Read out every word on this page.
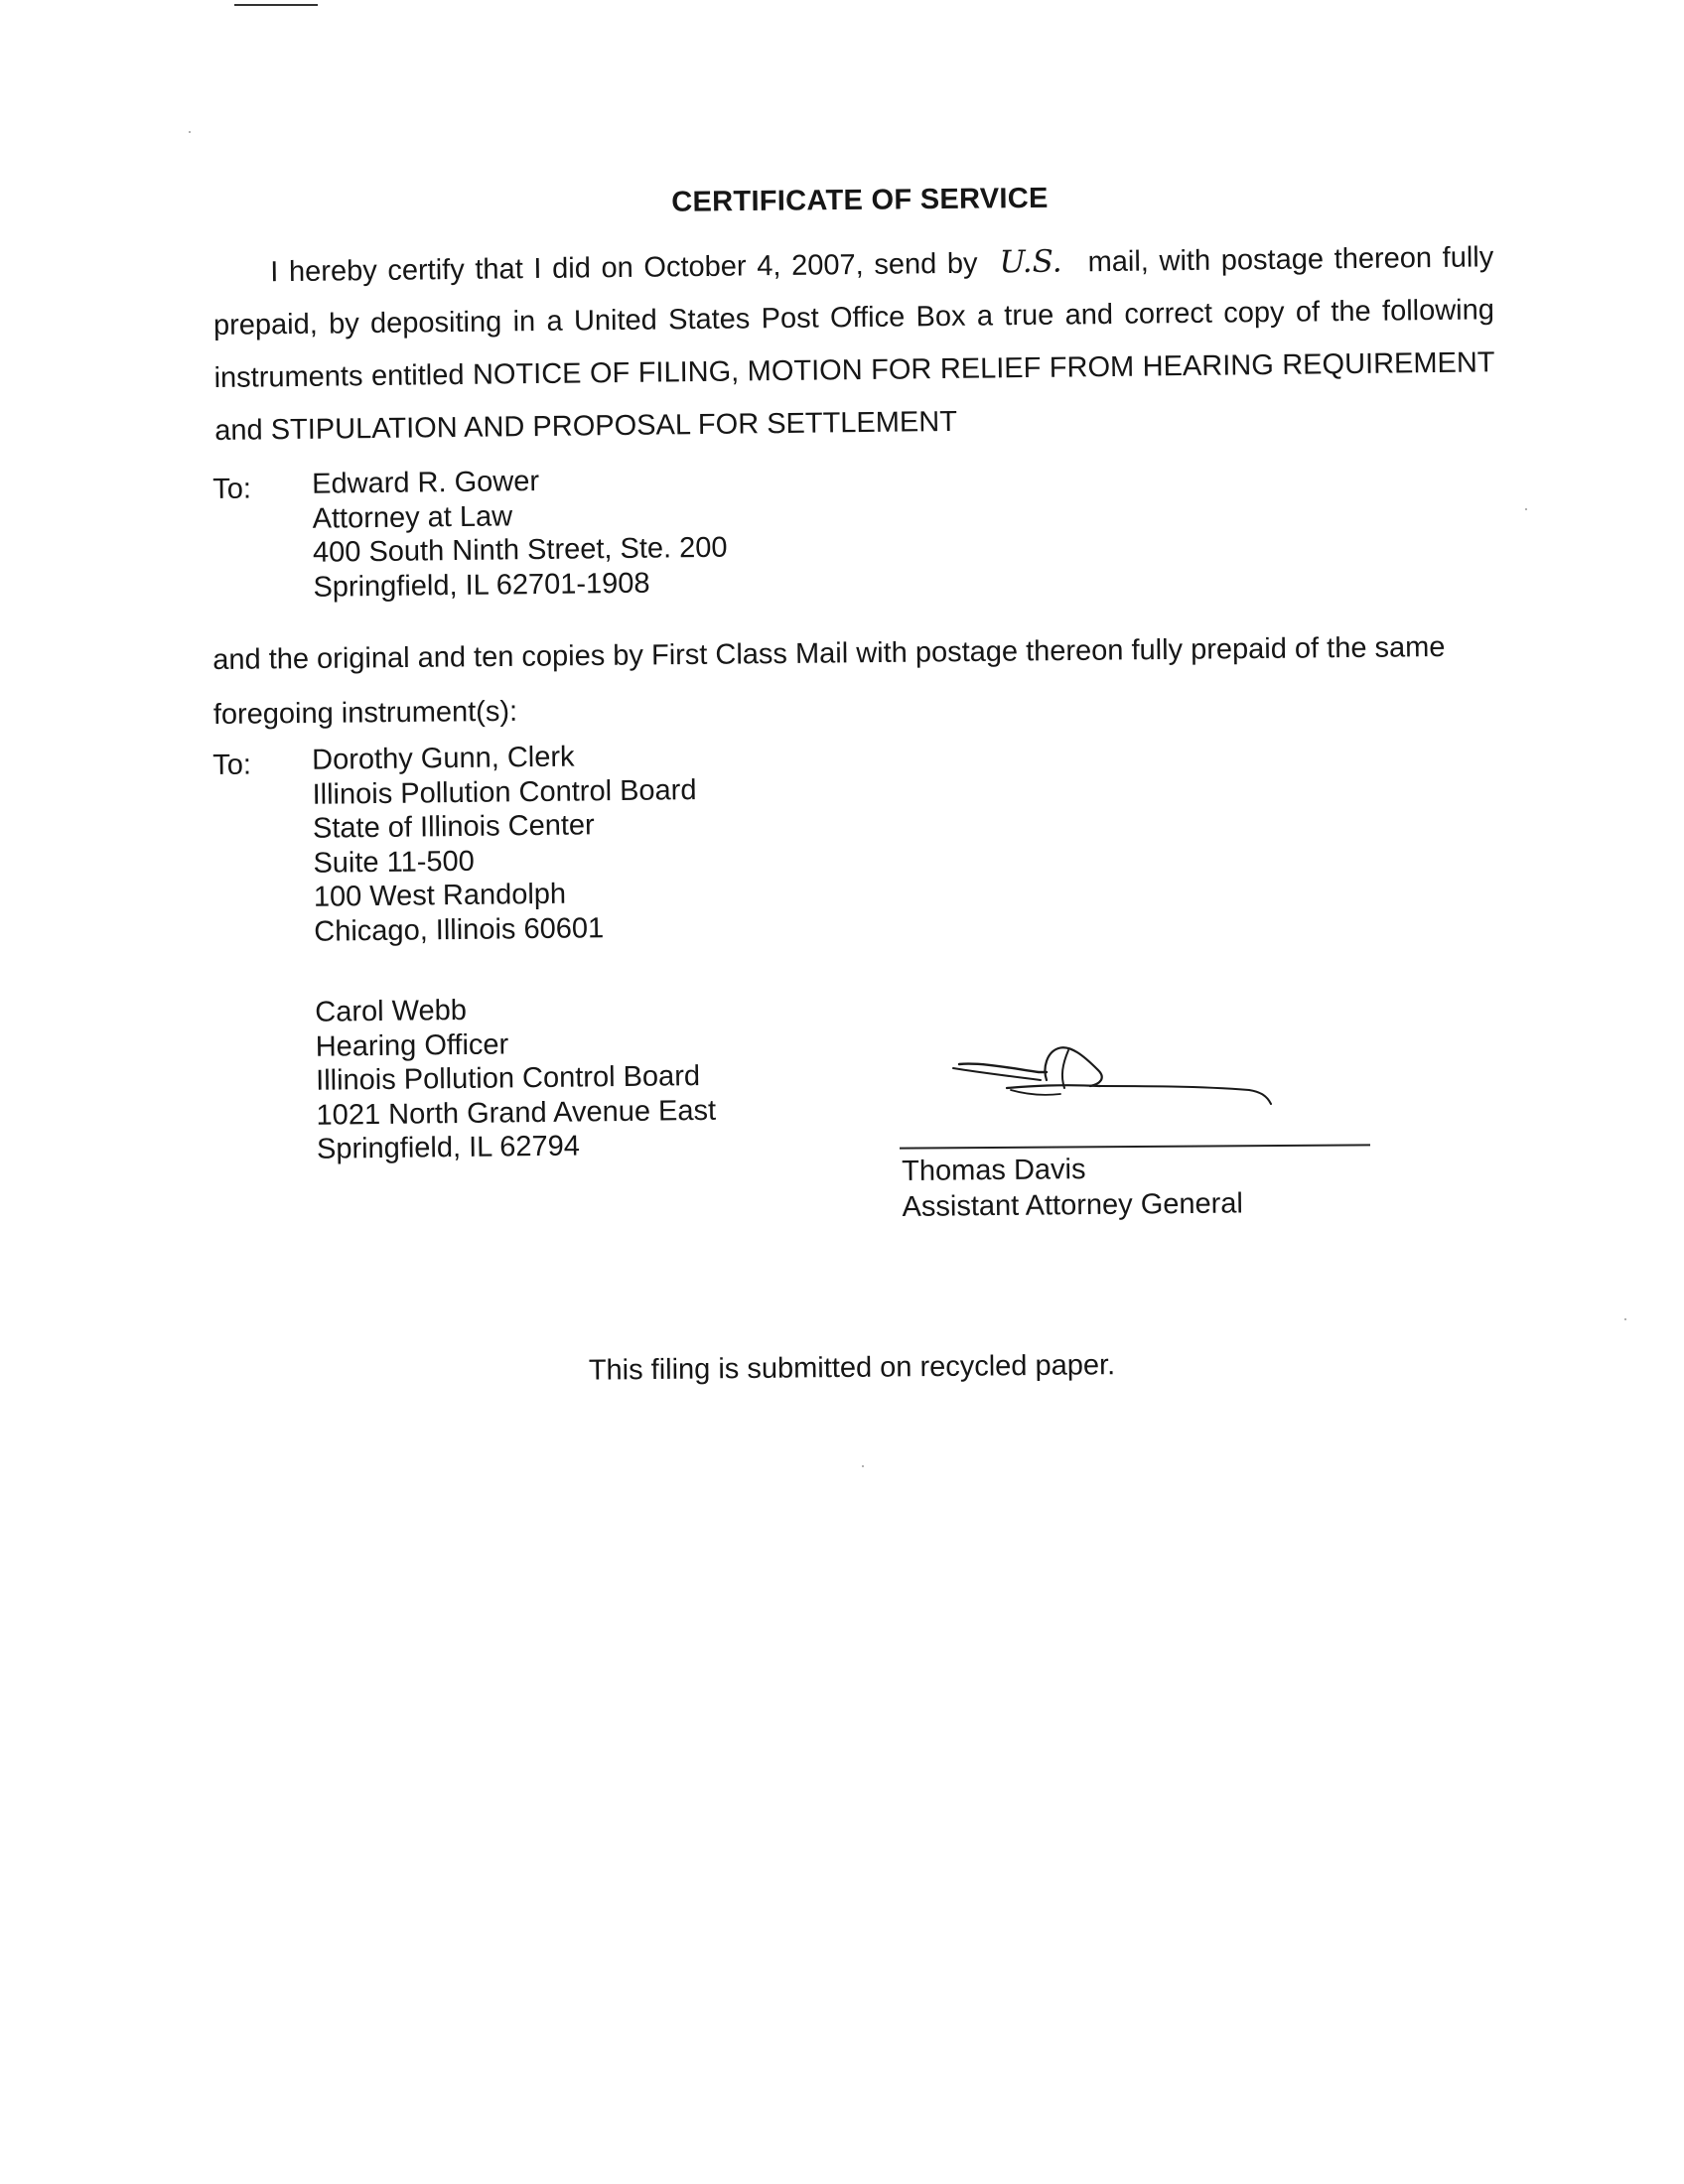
CERTIFICATE OF SERVICE
I hereby certify that I did on October 4, 2007, send by U.S. mail, with postage thereon fully prepaid, by depositing in a United States Post Office Box a true and correct copy of the following instruments entitled NOTICE OF FILING, MOTION FOR RELIEF FROM HEARING REQUIREMENT and STIPULATION AND PROPOSAL FOR SETTLEMENT
To: Edward R. Gower
Attorney at Law
400 South Ninth Street, Ste. 200
Springfield, IL 62701-1908
and the original and ten copies by First Class Mail with postage thereon fully prepaid of the same foregoing instrument(s):
To: Dorothy Gunn, Clerk
Illinois Pollution Control Board
State of Illinois Center
Suite 11-500
100 West Randolph
Chicago, Illinois 60601
Carol Webb
Hearing Officer
Illinois Pollution Control Board
1021 North Grand Avenue East
Springfield, IL 62794
Thomas Davis
Assistant Attorney General
This filing is submitted on recycled paper.
